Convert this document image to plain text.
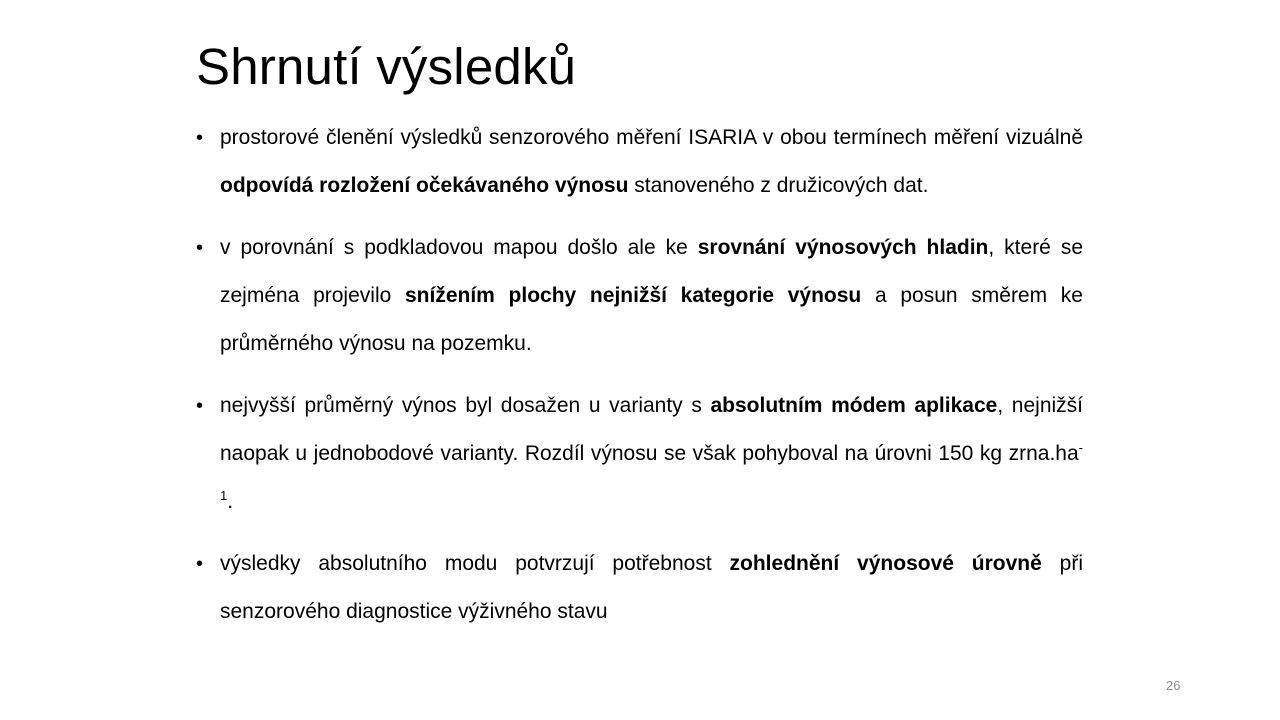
Shrnutí výsledků
• prostorové členění výsledků senzorového měření ISARIA v obou termínech měření vizuálně odpovídá rozložení očekávaného výnosu stanoveného z družicových dat.
• v porovnání s podkladovou mapou došlo ale ke srovnání výnosových hladin, které se zejména projevilo snížením plochy nejnižší kategorie výnosu a posun směrem ke průměrného výnosu na pozemku.
• nejvyšší průměrný výnos byl dosažen u varianty s absolutním módem aplikace, nejnižší naopak u jednobodové varianty. Rozdíl výnosu se však pohyboval na úrovni 150 kg $zrna.ha^{-1}$.
• výsledky absolutního modu potvrzují potřebnost zohlednění výnosové úrovně při senzorového diagnostice výživného stavu
26
